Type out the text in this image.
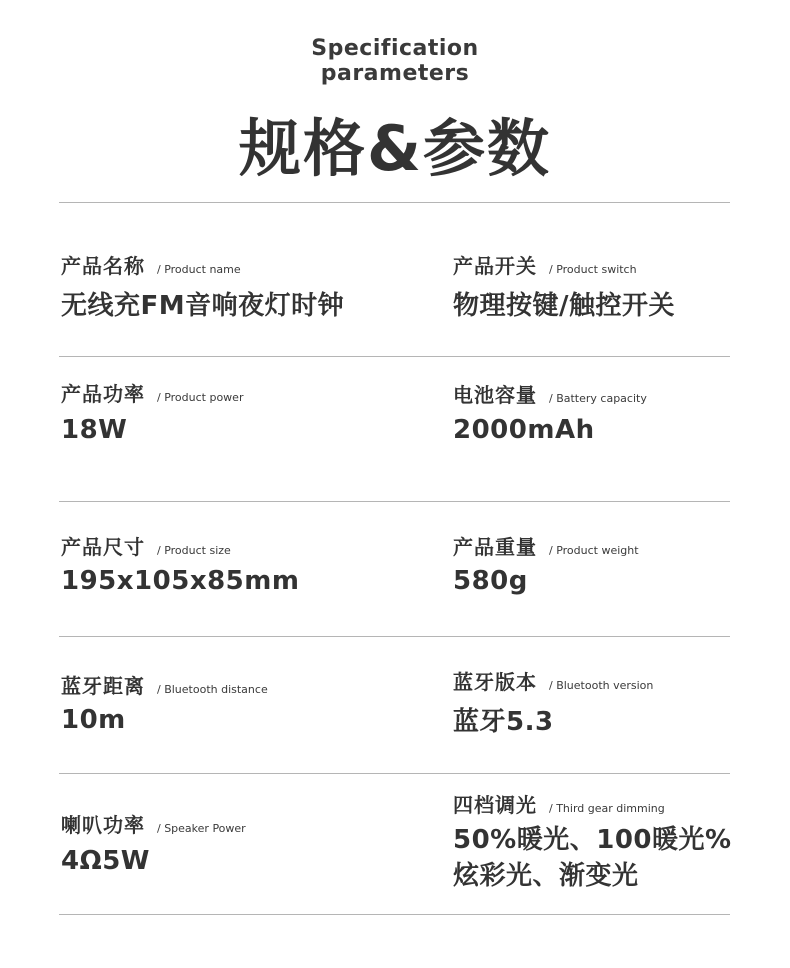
Specification
parameters
规格&参数
产品名称 / Product name
无线充FM音响夜灯时钟
产品开关 / Product switch
物理按键/触控开关
产品功率 / Product power
18W
电池容量 / Battery capacity
2000mAh
产品尺寸 / Product size
195x105x85mm
产品重量 / Product weight
580g
蓝牙距离 / Bluetooth distance
10m
蓝牙版本 / Bluetooth version
蓝牙5.3
喇叭功率 / Speaker Power
4Ω5W
四档调光 / Third gear dimming
50%暖光、100暖光%
炫彩光、渐变光
